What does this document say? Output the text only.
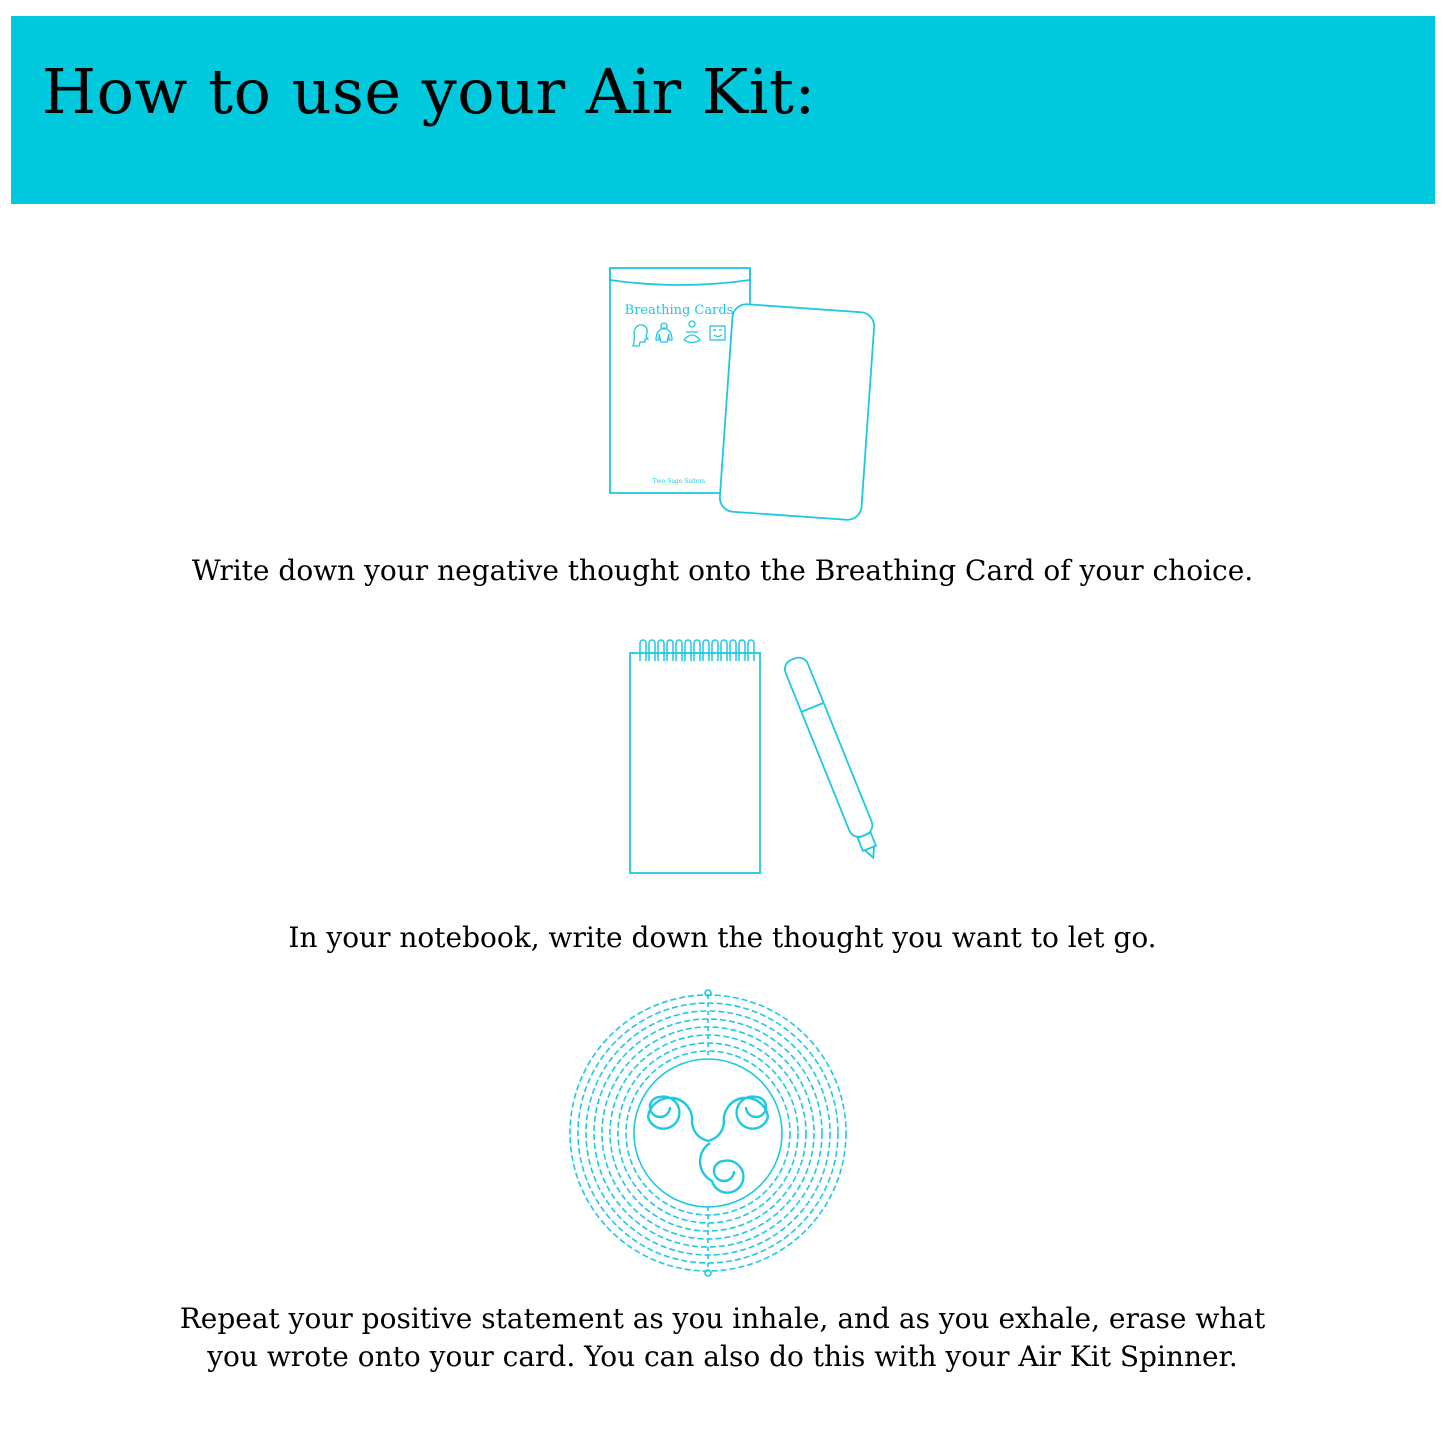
How to use your Air Kit:
Breathing Cards
Two Sage Sisters

Write down your negative thought onto the Breathing Card of your choice.

In your notebook, write down the thought you want to let go.

Repeat your positive statement as you inhale, and as you exhale, erase what
you wrote onto your card. You can also do this with your Air Kit Spinner.
